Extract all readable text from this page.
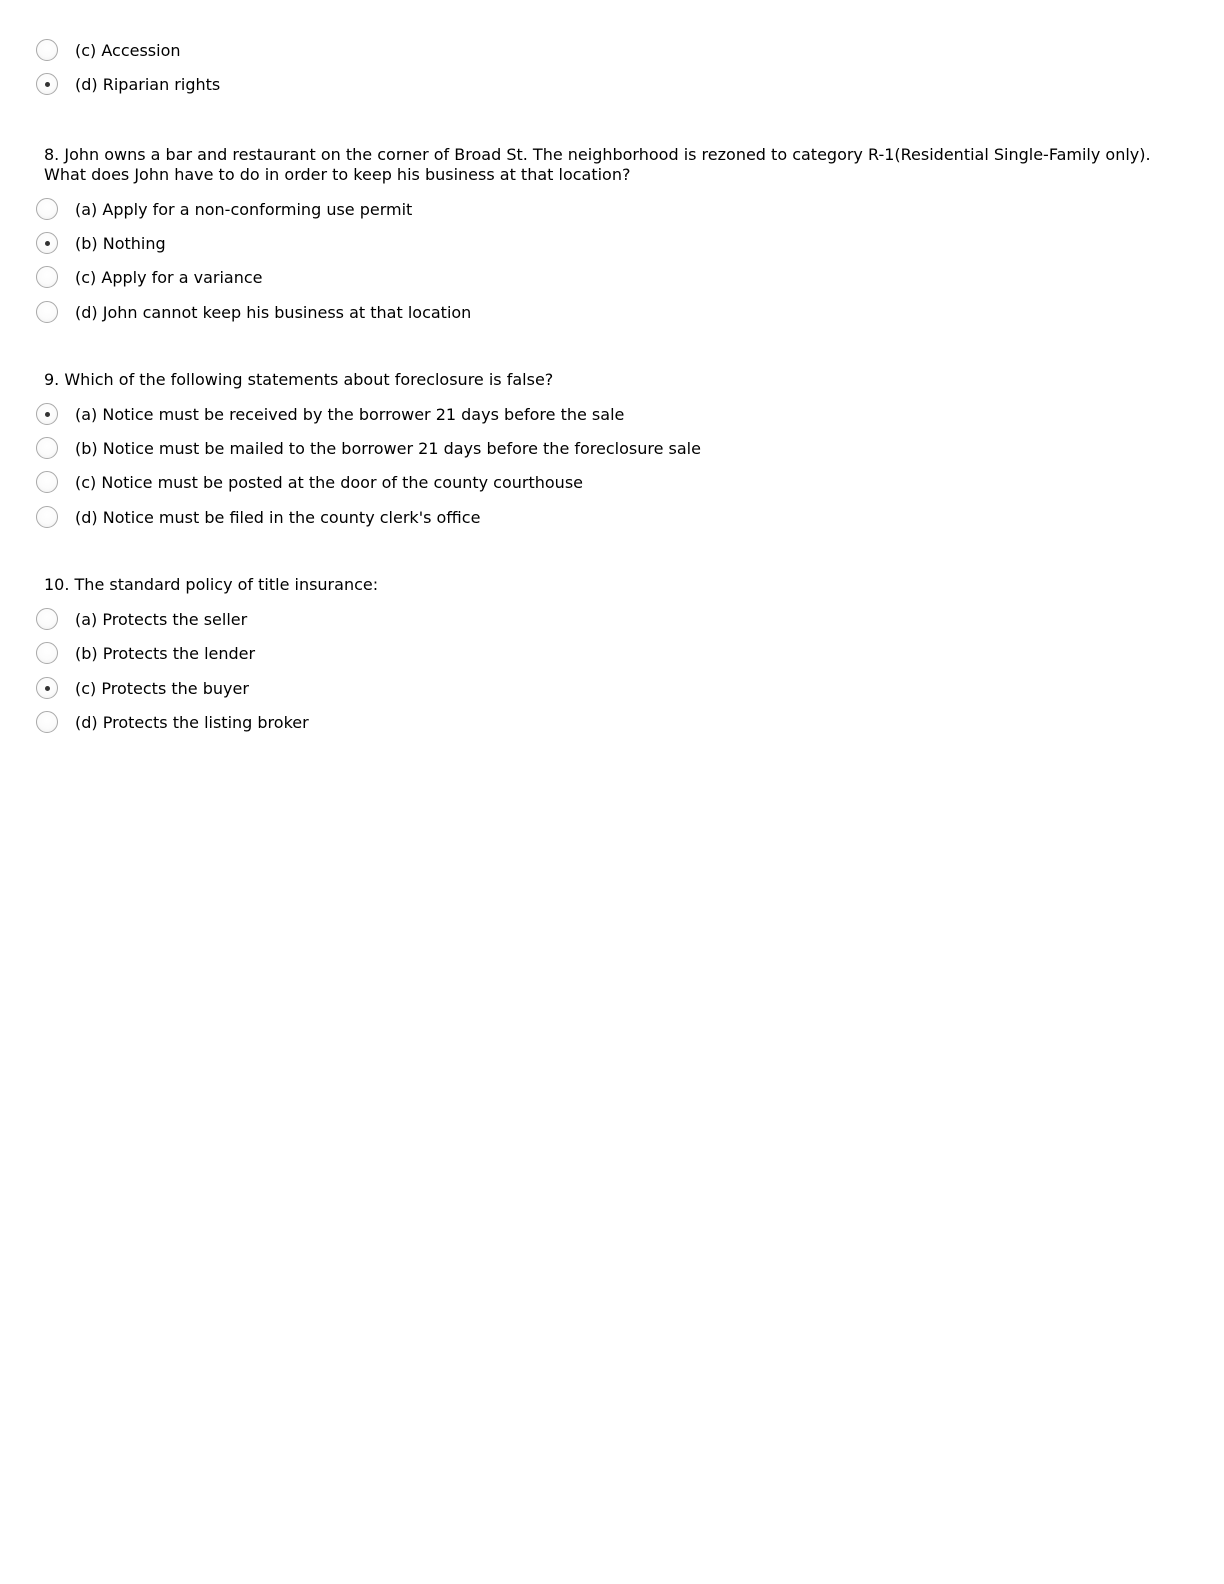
(c) Accession
(d) Riparian rights
8. John owns a bar and restaurant on the corner of Broad St. The neighborhood is rezoned to category R-1(Residential Single-Family only). What does John have to do in order to keep his business at that location?
(a) Apply for a non-conforming use permit
(b) Nothing
(c) Apply for a variance
(d) John cannot keep his business at that location
9. Which of the following statements about foreclosure is false?
(a) Notice must be received by the borrower 21 days before the sale
(b) Notice must be mailed to the borrower 21 days before the foreclosure sale
(c) Notice must be posted at the door of the county courthouse
(d) Notice must be filed in the county clerk's office
10. The standard policy of title insurance:
(a) Protects the seller
(b) Protects the lender
(c) Protects the buyer
(d) Protects the listing broker
